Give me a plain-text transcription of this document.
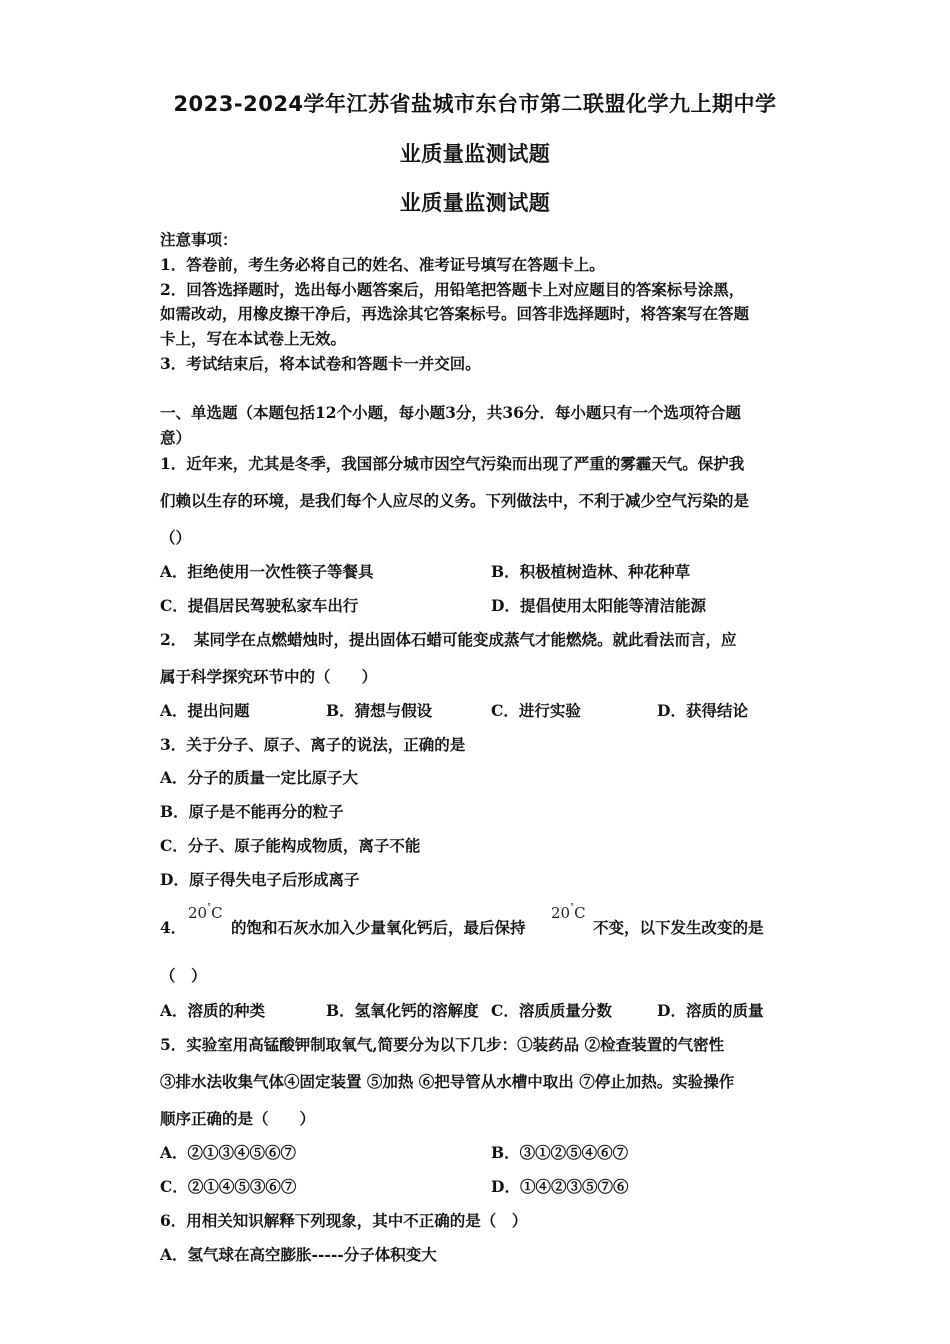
2023-2024学年江苏省盐城市东台市第二联盟化学九上期中学
业质量监测试题
业质量监测试题
注意事项：
1．答卷前，考生务必将自己的姓名、准考证号填写在答题卡上。
2．回答选择题时，选出每小题答案后，用铅笔把答题卡上对应题目的答案标号涂黑，
如需改动，用橡皮擦干净后，再选涂其它答案标号。回答非选择题时，将答案写在答题
卡上，写在本试卷上无效。
3．考试结束后，将本试卷和答题卡一并交回。
一、单选题（本题包括12个小题，每小题3分，共36分．每小题只有一个选项符合题
意）
1．近年来，尤其是冬季，我国部分城市因空气污染而出现了严重的雾霾天气。保护我
们赖以生存的环境，是我们每个人应尽的义务。下列做法中，不利于减少空气污染的是
（）
A．拒绝使用一次性筷子等餐具	B．积极植树造林、种花种草
C．提倡居民驾驶私家车出行	D．提倡使用太阳能等清洁能源
2．　某同学在点燃蜡烛时，提出固体石蜡可能变成蒸气才能燃烧。就此看法而言，应
属于科学探究环节中的（　　）
A．提出问题	B．猜想与假设	C．进行实验	D．获得结论
3．关于分子、原子、离子的说法，正确的是
A．分子的质量一定比原子大
B．原子是不能再分的粒子
C．分子、原子能构成物质，离子不能
D．原子得失电子后形成离子
4．
20°C
的饱和石灰水加入少量氧化钙后，最后保持
20°C
不变，以下发生改变的是
（　）
A．溶质的种类	B．氢氧化钙的溶解度 C．溶质质量分数	D．溶质的质量
5．实验室用高锰酸钾制取氧气,简要分为以下几步：①装药品 ②检查装置的气密性
③排水法收集气体④固定装置 ⑤加热 ⑥把导管从水槽中取出 ⑦停止加热。实验操作
顺序正确的是（　　）
A．②①③④⑤⑥⑦	B．③①②⑤④⑥⑦
C．②①④⑤③⑥⑦	D．①④②③⑤⑦⑥
6．用相关知识解释下列现象，其中不正确的是（　）
A．氢气球在高空膨胀-----分子体积变大
